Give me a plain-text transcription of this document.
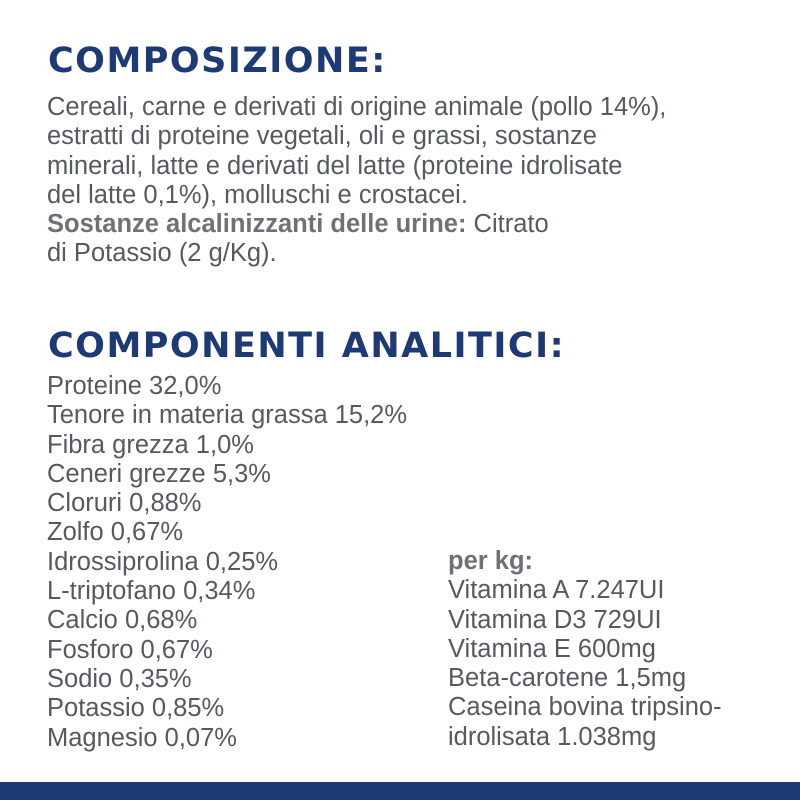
COMPOSIZIONE:

Cereali, carne e derivati di origine animale (pollo 14%),
estratti di proteine vegetali, oli e grassi, sostanze
minerali, latte e derivati del latte (proteine idrolisate
del latte 0,1%), molluschi e crostacei.
Sostanze alcalinizzanti delle urine: Citrato
di Potassio (2 g/Kg).

COMPONENTI ANALITICI:
Proteine 32,0%
Tenore in materia grassa 15,2%
Fibra grezza 1,0%
Ceneri grezze 5,3%
Cloruri 0,88%
Zolfo 0,67%
Idrossiprolina 0,25%
L-triptofano 0,34%
Calcio 0,68%
Fosforo 0,67%
Sodio 0,35%
Potassio 0,85%
Magnesio 0,07%
per kg:
Vitamina A 7.247UI
Vitamina D3 729UI
Vitamina E 600mg
Beta-carotene 1,5mg
Caseina bovina tripsino-
idrolisata 1.038mg
